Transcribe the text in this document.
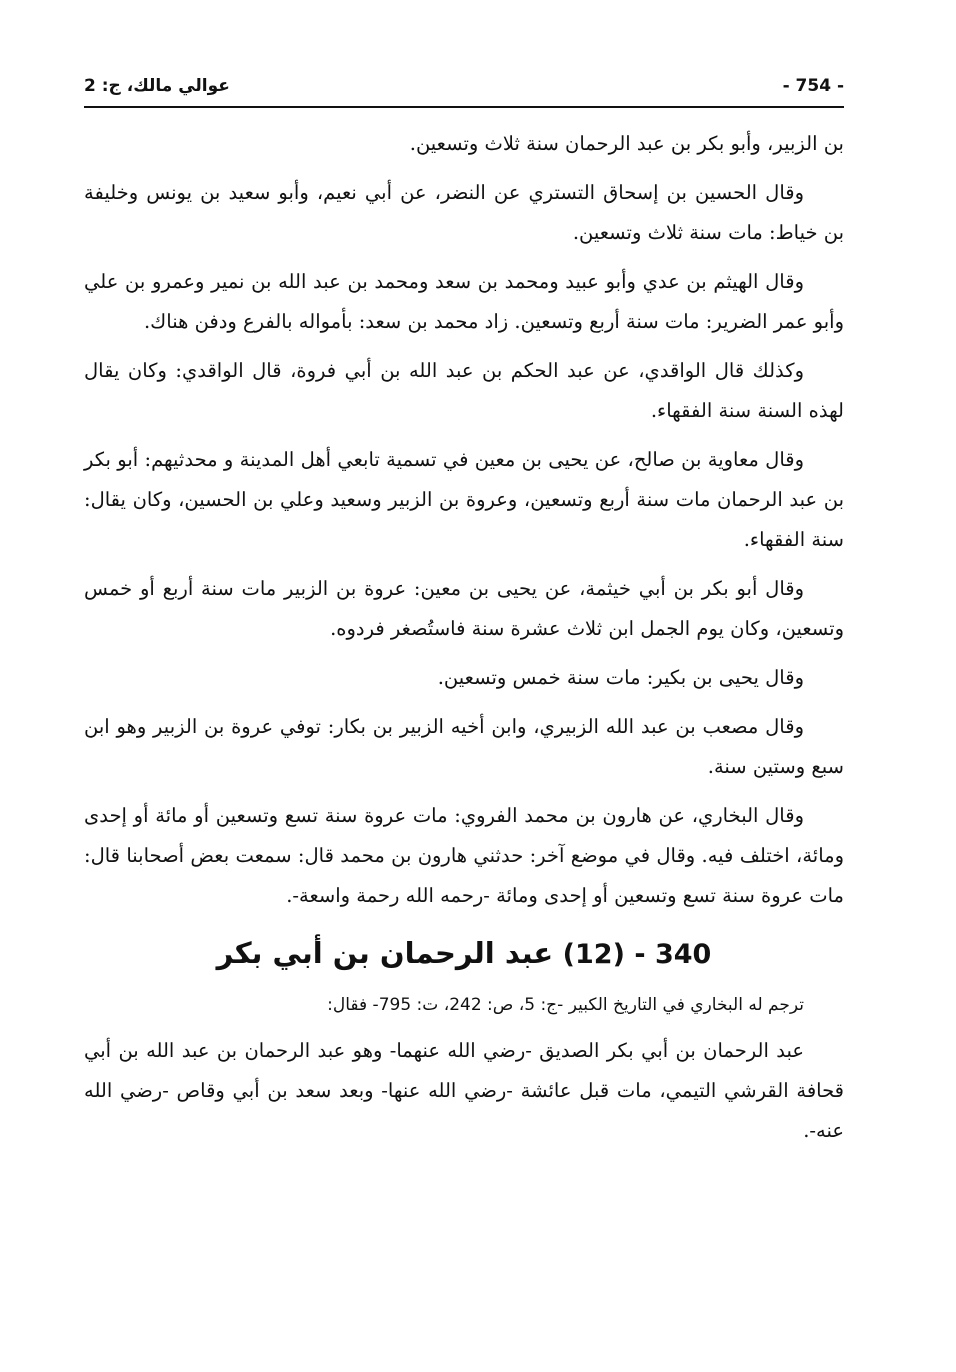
- 754 -
عوالي مالك، ج: 2

بن الزبير، وأبو بكر بن عبد الرحمان سنة ثلاث وتسعين.

وقال الحسين بن إسحاق التستري عن النضر، عن أبي نعيم، وأبو سعيد بن يونس وخليفة بن خياط: مات سنة ثلاث وتسعين.

وقال الهيثم بن عدي وأبو عبيد ومحمد بن سعد ومحمد بن عبد الله بن نمير وعمرو بن علي وأبو عمر الضرير: مات سنة أربع وتسعين. زاد محمد بن سعد: بأمواله بالفرع ودفن هناك.

وكذلك قال الواقدي، عن عبد الحكم بن عبد الله بن أبي فروة، قال الواقدي: وكان يقال لهذه السنة سنة الفقهاء.

وقال معاوية بن صالح، عن يحيى بن معين في تسمية تابعي أهل المدينة و محدثيهم: أبو بكر بن عبد الرحمان مات سنة أربع وتسعين، وعروة بن الزبير وسعيد وعلي بن الحسين، وكان يقال: سنة الفقهاء.

وقال أبو بكر بن أبي خيثمة، عن يحيى بن معين: عروة بن الزبير مات سنة أربع أو خمس وتسعين، وكان يوم الجمل ابن ثلاث عشرة سنة فاستُصغر فردوه.

وقال يحيى بن بكير: مات سنة خمس وتسعين.

وقال مصعب بن عبد الله الزبيري، وابن أخيه الزبير بن بكار: توفي عروة بن الزبير وهو ابن سبع وستين سنة.

وقال البخاري، عن هارون بن محمد الفروي: مات عروة سنة تسع وتسعين أو مائة أو إحدى ومائة، اختلف فيه. وقال في موضع آخر: حدثني هارون بن محمد قال: سمعت بعض أصحابنا قال: مات عروة سنة تسع وتسعين أو إحدى ومائة -رحمه الله رحمة واسعة-.

340 - (12) عبد الرحمان بن أبي بكر

ترجم له البخاري في التاريخ الكبير -ج: 5، ص: 242، ت: 795- فقال:

عبد الرحمان بن أبي بكر الصديق -رضي الله عنهما- وهو عبد الرحمان بن عبد الله بن أبي قحافة القرشي التيمي، مات قبل عائشة -رضي الله عنها- وبعد سعد بن أبي وقاص -رضي الله عنه-.
